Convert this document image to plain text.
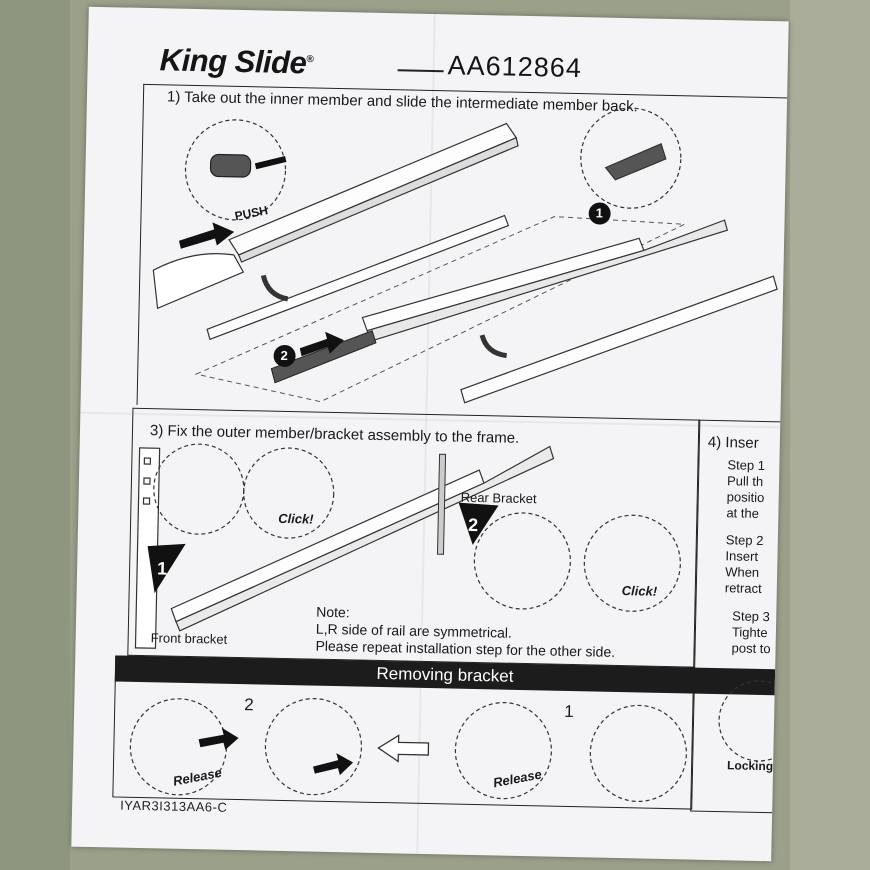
King Slide®	AA612864
1) Take out the inner member and slide the intermediate member back.
3) Fix the outer member/bracket assembly to the frame.	4) Inser
Removing bracket
PUSH	1
2
Rear Bracket
Front bracket
Click!
Click!
1
2
Note:
L,R side of rail are symmetrical.
Please repeat installation step for the other side.
Step 1
Pull th
positio
at the
Step 2
Insert
When
retract
Step 3
Tighte
post to
Locking!
2	1
Release	Release
IYAR3I313AA6-C
